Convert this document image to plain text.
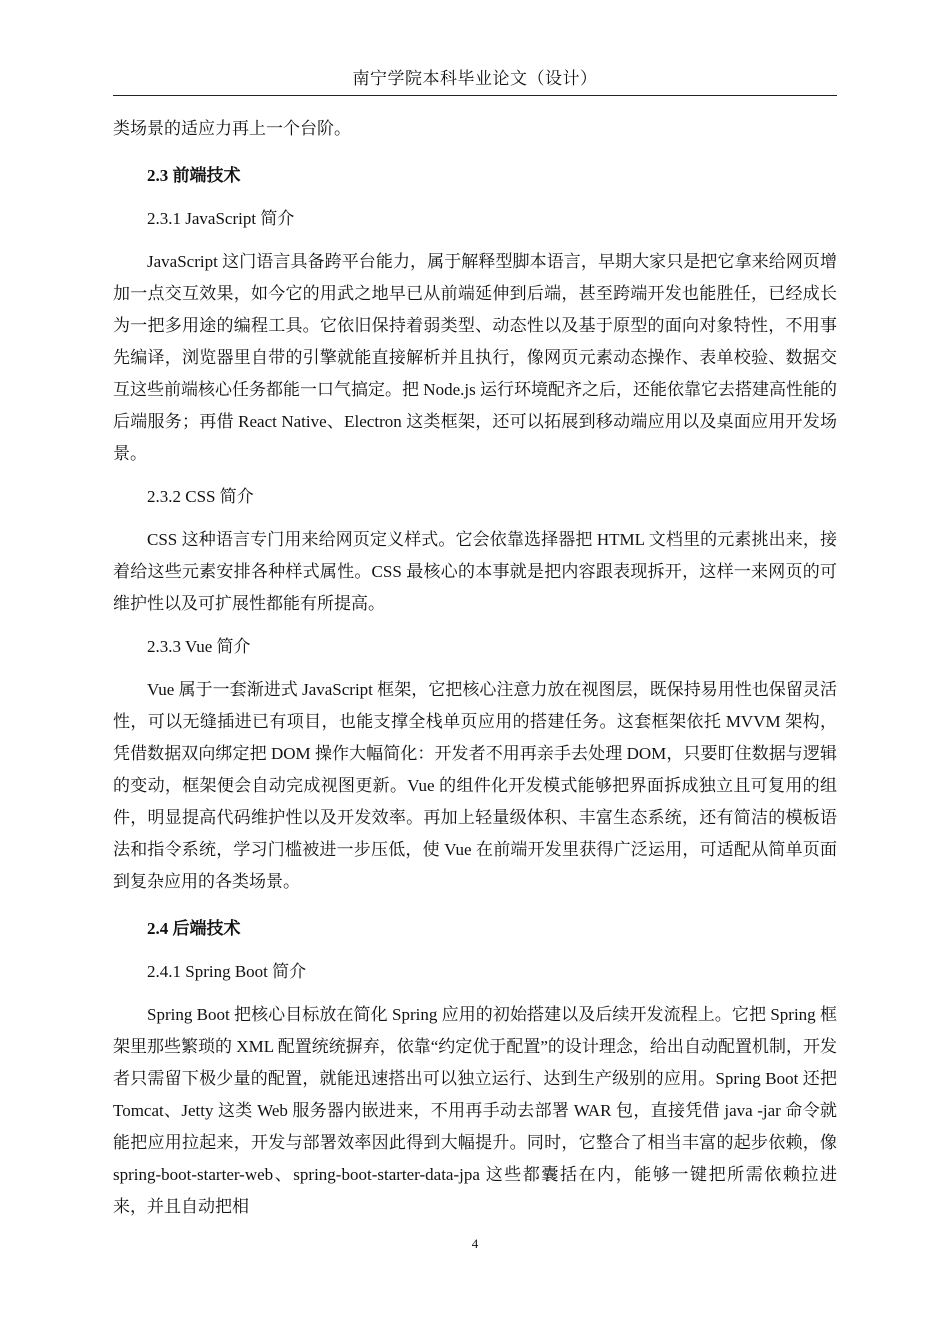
南宁学院本科毕业论文（设计）

类场景的适应力再上一个台阶。

2.3 前端技术

2.3.1 JavaScript 简介

JavaScript 这门语言具备跨平台能力，属于解释型脚本语言，早期大家只是把它拿来给网页增加一点交互效果，如今它的用武之地早已从前端延伸到后端，甚至跨端开发也能胜任，已经成长为一把多用途的编程工具。它依旧保持着弱类型、动态性以及基于原型的面向对象特性，不用事先编译，浏览器里自带的引擎就能直接解析并且执行，像网页元素动态操作、表单校验、数据交互这些前端核心任务都能一口气搞定。把 Node.js 运行环境配齐之后，还能依靠它去搭建高性能的后端服务；再借 React Native、Electron 这类框架，还可以拓展到移动端应用以及桌面应用开发场景。

2.3.2 CSS 简介

CSS 这种语言专门用来给网页定义样式。它会依靠选择器把 HTML 文档里的元素挑出来，接着给这些元素安排各种样式属性。CSS 最核心的本事就是把内容跟表现拆开，这样一来网页的可维护性以及可扩展性都能有所提高。

2.3.3 Vue 简介

Vue 属于一套渐进式 JavaScript 框架，它把核心注意力放在视图层，既保持易用性也保留灵活性，可以无缝插进已有项目，也能支撑全栈单页应用的搭建任务。这套框架依托 MVVM 架构，凭借数据双向绑定把 DOM 操作大幅简化：开发者不用再亲手去处理 DOM，只要盯住数据与逻辑的变动，框架便会自动完成视图更新。Vue 的组件化开发模式能够把界面拆成独立且可复用的组件，明显提高代码维护性以及开发效率。再加上轻量级体积、丰富生态系统，还有简洁的模板语法和指令系统，学习门槛被进一步压低，使 Vue 在前端开发里获得广泛运用，可适配从简单页面到复杂应用的各类场景。

2.4 后端技术

2.4.1 Spring Boot 简介

Spring Boot 把核心目标放在简化 Spring 应用的初始搭建以及后续开发流程上。它把 Spring 框架里那些繁琐的 XML 配置统统摒弃，依靠“约定优于配置”的设计理念，给出自动配置机制，开发者只需留下极少量的配置，就能迅速搭出可以独立运行、达到生产级别的应用。Spring Boot 还把 Tomcat、Jetty 这类 Web 服务器内嵌进来，不用再手动去部署 WAR 包，直接凭借 java -jar 命令就能把应用拉起来，开发与部署效率因此得到大幅提升。同时，它整合了相当丰富的起步依赖，像 spring-boot-starter-web、spring-boot-starter-data-jpa 这些都囊括在内，能够一键把所需依赖拉进来，并且自动把相

4
